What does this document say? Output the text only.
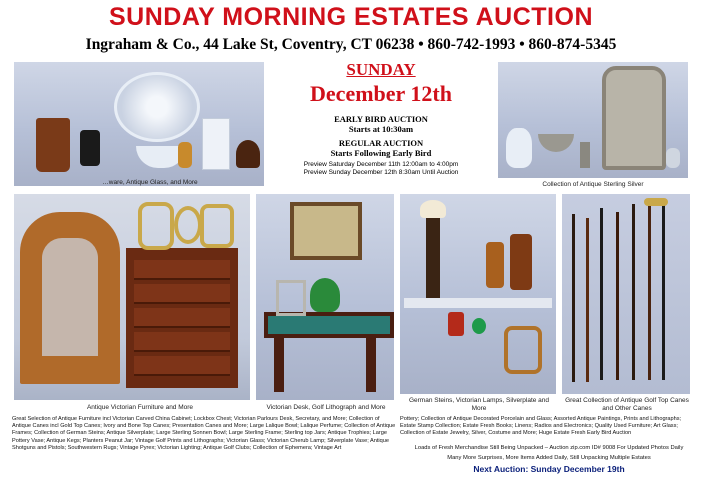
SUNDAY MORNING ESTATES AUCTION
Ingraham & Co., 44 Lake St, Coventry, CT 06238 • 860-742-1993 • 860-874-5345
…ware, Antique Glass, and More
SUNDAY
December 12th
EARLY BIRD AUCTION
Starts at 10:30am
REGULAR AUCTION
Starts Following Early Bird
Preview Saturday December 11th 12:00am to 4:00pm
Preview Sunday December 12th 8:30am Until Auction
Collection of Antique Sterling Silver
Antique Victorian Furniture and More	Victorian Desk, Golf Lithograph and More
German Steins, Victorian Lamps, Silverplate and More
Great Collection of Antique Golf Top Canes and Other Canes
Great Selection of Antique Furniture incl Victorian Carved China Cabinet; Lockbox Chest; Victorian Parlours Desk, Secretary, and More; Collection of Antique Canes incl Gold Top Canes; Ivory and Bone Top Canes; Presentation Canes and More; Large Lalique Bowl; Lalique Perfume; Collection of Antique Frames; Collection of German Steins; Antique Silverplate; Large Sterling Sonnen Bowl; Large Sterling Frame; Sterling top Jars; Antique Trophies; Large Pottery Vase; Antique Kegs; Planters Peanut Jar; Vintage Golf Prints and Lithographs; Victorian Glass; Victorian Cherub Lamp; Silverplate Vase; Antique Shotguns and Pistols; Southwestern Rugs; Vintage Pyrex; Victorian Lighting; Antique Golf Clubs; Collection of Ephemera; Vintage Art
Pottery; Collection of Antique Decorated Porcelain and Glass; Assorted Antique Paintings, Prints and Lithographs; Estate Stamp Collection; Estate Fresh Books; Linens; Radios and Electronics; Quality Used Furniture; Art Glass; Collection of Estate Jewelry, Silver, Costume and More; Huge Estate Fresh Early Bird Auction
Loads of Fresh Merchandise Still Being Unpacked – Auction zip.com ID# 9008 For Updated Photos Daily
Many More Surprises, More Items Added Daily, Still Unpacking Multiple Estates
Next Auction: Sunday December 19th
